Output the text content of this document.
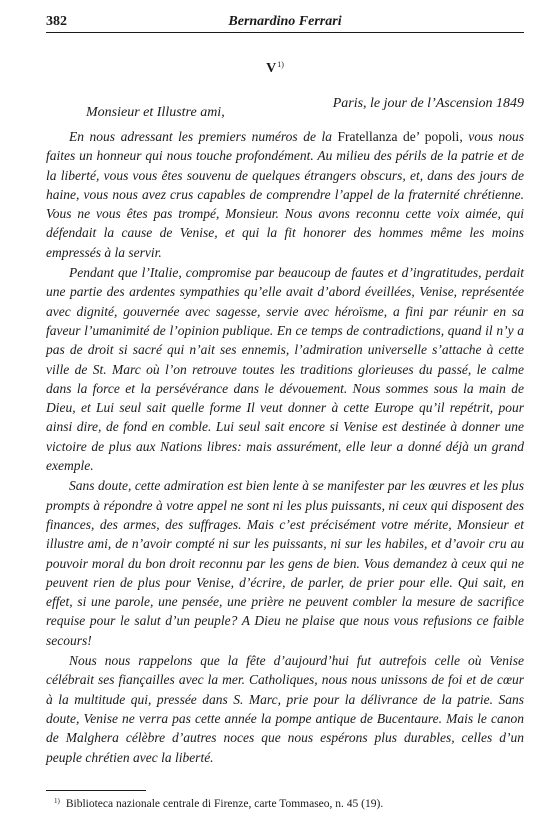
382	Bernardino Ferrari
$V^{1)}$
Paris, le jour de l’Ascension 1849
Monsieur et Illustre ami,

En nous adressant les premiers numéros de la Fratellanza de’ popoli, vous nous faites un honneur qui nous touche profondément. Au milieu des périls de la patrie et de la liberté, vous vous êtes souvenu de quelques étrangers obscurs, et, dans des jours de haine, vous nous avez crus capables de comprendre l’appel de la fraternité chrétienne. Vous ne vous êtes pas trompé, Monsieur. Nous avons reconnu cette voix aimée, qui défendait la cause de Venise, et qui la fit honorer des hommes même les moins empressés à la servir.

Pendant que l’Italie, compromise par beaucoup de fautes et d’ingratitudes, perdait une partie des ardentes sympathies qu’elle avait d’abord éveillées, Venise, représentée avec dignité, gouvernée avec sagesse, servie avec héroïsme, a fini par réunir en sa faveur l’umanimité de l’opinion publique. En ce temps de contradictions, quand il n’y a pas de droit si sacré qui n’ait ses ennemis, l’admiration universelle s’attache à cette ville de St. Marc où l’on retrouve toutes les traditions glorieuses du passé, le calme dans la force et la persévérance dans le dévouement. Nous sommes sous la main de Dieu, et Lui seul sait quelle forme Il veut donner à cette Europe qu’il repétrit, pour ainsi dire, de fond en comble. Lui seul sait encore si Venise est destinée à donner une victoire de plus aux Nations libres: mais assurément, elle leur a donné déjà un grand exemple.

Sans doute, cette admiration est bien lente à se manifester par les œuvres et les plus prompts à répondre à votre appel ne sont ni les plus puissants, ni ceux qui disposent des finances, des armes, des suffrages. Mais c’est précisément votre mérite, Monsieur et illustre ami, de n’avoir compté ni sur les puissants, ni sur les habiles, et d’avoir cru au pouvoir moral du bon droit reconnu par les gens de bien. Vous demandez à ceux qui ne peuvent rien de plus pour Venise, d’écrire, de parler, de prier pour elle. Qui sait, en effet, si une parole, une pensée, une prière ne peuvent combler la mesure de sacrifice requise pour le salut d’un peuple? A Dieu ne plaise que nous vous refusions ce faible secours!

Nous nous rappelons que la fête d’aujourd’hui fut autrefois celle où Venise célébrait ses fiançailles avec la mer. Catholiques, nous nous unissons de foi et de cœur à la multitude qui, pressée dans S. Marc, prie pour la délivrance de la patrie. Sans doute, Venise ne verra pas cette année la pompe antique de Bucentaure. Mais le canon de Malghera célèbre d’autres noces que nous espérons plus durables, celles d’un peuple chrétien avec la liberté.

$^{1)}$ Biblioteca nazionale centrale di Firenze, carte Tommaseo, n. 45 (19).
